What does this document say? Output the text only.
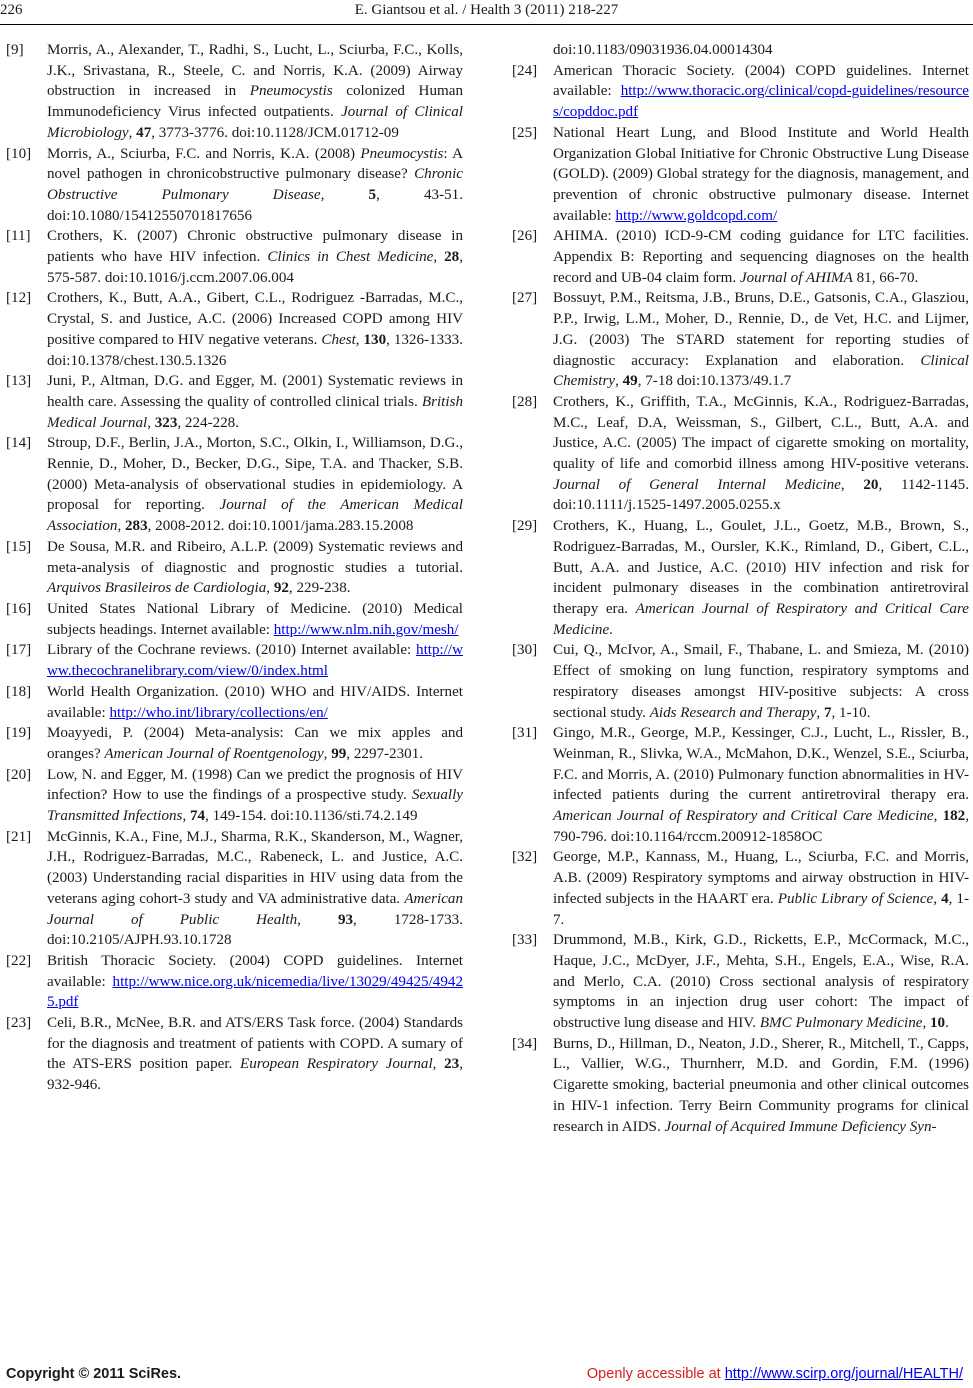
226	E. Giantsou et al. / Health 3 (2011) 218-227
[9] Morris, A., Alexander, T., Radhi, S., Lucht, L., Sciurba, F.C., Kolls, J.K., Srivastana, R., Steele, C. and Norris, K.A. (2009) Airway obstruction in increased in Pneumocystis colonized Human Immunodeficiency Virus infected outpatients. Journal of Clinical Microbiology, 47, 3773-3776. doi:10.1128/JCM.01712-09
[10] Morris, A., Sciurba, F.C. and Norris, K.A. (2008) Pneumocystis: A novel pathogen in chronicobstructive pulmonary disease? Chronic Obstructive Pulmonary Disease, 5, 43-51. doi:10.1080/15412550701817656
[11] Crothers, K. (2007) Chronic obstructive pulmonary disease in patients who have HIV infection. Clinics in Chest Medicine, 28, 575-587. doi:10.1016/j.ccm.2007.06.004
[12] Crothers, K., Butt, A.A., Gibert, C.L., Rodriguez -Barradas, M.C., Crystal, S. and Justice, A.C. (2006) Increased COPD among HIV positive compared to HIV negative veterans. Chest, 130, 1326-1333. doi:10.1378/chest.130.5.1326
[13] Juni, P., Altman, D.G. and Egger, M. (2001) Systematic reviews in health care. Assessing the quality of controlled clinical trials. British Medical Journal, 323, 224-228.
[14] Stroup, D.F., Berlin, J.A., Morton, S.C., Olkin, I., Williamson, D.G., Rennie, D., Moher, D., Becker, D.G., Sipe, T.A. and Thacker, S.B. (2000) Meta-analysis of observational studies in epidemiology. A proposal for reporting. Journal of the American Medical Association, 283, 2008-2012. doi:10.1001/jama.283.15.2008
[15] De Sousa, M.R. and Ribeiro, A.L.P. (2009) Systematic reviews and meta-analysis of diagnostic and prognostic studies a tutorial. Arquivos Brasileiros de Cardiologia, 92, 229-238.
[16] United States National Library of Medicine. (2010) Medical subjects headings. Internet available: http://www.nlm.nih.gov/mesh/
[17] Library of the Cochrane reviews. (2010) Internet available: http://www.thecochranelibrary.com/view/0/index.html
[18] World Health Organization. (2010) WHO and HIV/AIDS. Internet available: http://who.int/library/collections/en/
[19] Moayyedi, P. (2004) Meta-analysis: Can we mix apples and oranges? American Journal of Roentgenology, 99, 2297-2301.
[20] Low, N. and Egger, M. (1998) Can we predict the prognosis of HIV infection? How to use the findings of a prospective study. Sexually Transmitted Infections, 74, 149-154. doi:10.1136/sti.74.2.149
[21] McGinnis, K.A., Fine, M.J., Sharma, R.K., Skanderson, M., Wagner, J.H., Rodriguez-Barradas, M.C., Rabeneck, L. and Justice, A.C. (2003) Understanding racial disparities in HIV using data from the veterans aging cohort-3 study and VA administrative data. American Journal of Public Health, 93, 1728-1733. doi:10.2105/AJPH.93.10.1728
[22] British Thoracic Society. (2004) COPD guidelines. Internet available: http://www.nice.org.uk/nicemedia/live/13029/49425/49425.pdf
[23] Celi, B.R., McNee, B.R. and ATS/ERS Task force. (2004) Standards for the diagnosis and treatment of patients with COPD. A sumary of the ATS-ERS position paper. European Respiratory Journal, 23, 932-946.
doi:10.1183/09031936.04.00014304
[24] American Thoracic Society. (2004) COPD guidelines. Internet available: http://www.thoracic.org/clinical/copd-guidelines/resources/copddoc.pdf
[25] National Heart Lung, and Blood Institute and World Health Organization Global Initiative for Chronic Obstructive Lung Disease (GOLD). (2009) Global strategy for the diagnosis, management, and prevention of chronic obstructive pulmonary disease. Internet available: http://www.goldcopd.com/
[26] AHIMA. (2010) ICD-9-CM coding guidance for LTC facilities. Appendix B: Reporting and sequencing diagnoses on the health record and UB-04 claim form. Journal of AHIMA 81, 66-70.
[27] Bossuyt, P.M., Reitsma, J.B., Bruns, D.E., Gatsonis, C.A., Glasziou, P.P., Irwig, L.M., Moher, D., Rennie, D., de Vet, H.C. and Lijmer, J.G. (2003) The STARD statement for reporting studies of diagnostic accuracy: Explanation and elaboration. Clinical Chemistry, 49, 7-18 doi:10.1373/49.1.7
[28] Crothers, K., Griffith, T.A., McGinnis, K.A., Rodriguez-Barradas, M.C., Leaf, D.A, Weissman, S., Gilbert, C.L., Butt, A.A. and Justice, A.C. (2005) The impact of cigarette smoking on mortality, quality of life and comorbid illness among HIV-positive veterans. Journal of General Internal Medicine, 20, 1142-1145. doi:10.1111/j.1525-1497.2005.0255.x
[29] Crothers, K., Huang, L., Goulet, J.L., Goetz, M.B., Brown, S., Rodriguez-Barradas, M., Oursler, K.K., Rimland, D., Gibert, C.L., Butt, A.A. and Justice, A.C. (2010) HIV infection and risk for incident pulmonary diseases in the combination antiretroviral therapy era. American Journal of Respiratory and Critical Care Medicine.
[30] Cui, Q., McIvor, A., Smail, F., Thabane, L. and Smieza, M. (2010) Effect of smoking on lung function, respiratory symptoms and respiratory diseases amongst HIV-positive subjects: A cross sectional study. Aids Research and Therapy, 7, 1-10.
[31] Gingo, M.R., George, M.P., Kessinger, C.J., Lucht, L., Rissler, B., Weinman, R., Slivka, W.A., McMahon, D.K., Wenzel, S.E., Sciurba, F.C. and Morris, A. (2010) Pulmonary function abnormalities in HV-infected patients during the current antiretroviral therapy era. American Journal of Respiratory and Critical Care Medicine, 182, 790-796. doi:10.1164/rccm.200912-1858OC
[32] George, M.P., Kannass, M., Huang, L., Sciurba, F.C. and Morris, A.B. (2009) Respiratory symptoms and airway obstruction in HIV-infected subjects in the HAART era. Public Library of Science, 4, 1-7.
[33] Drummond, M.B., Kirk, G.D., Ricketts, E.P., McCormack, M.C., Haque, J.C., McDyer, J.F., Mehta, S.H., Engels, E.A., Wise, R.A. and Merlo, C.A. (2010) Cross sectional analysis of respiratory symptoms in an injection drug user cohort: The impact of obstructive lung disease and HIV. BMC Pulmonary Medicine, 10.
[34] Burns, D., Hillman, D., Neaton, J.D., Sherer, R., Mitchell, T., Capps, L., Vallier, W.G., Thurnherr, M.D. and Gordin, F.M. (1996) Cigarette smoking, bacterial pneumonia and other clinical outcomes in HIV-1 infection. Terry Beirn Community programs for clinical research in AIDS. Journal of Acquired Immune Deficiency Syn-
Copyright © 2011 SciRes.	Openly accessible at http://www.scirp.org/journal/HEALTH/
